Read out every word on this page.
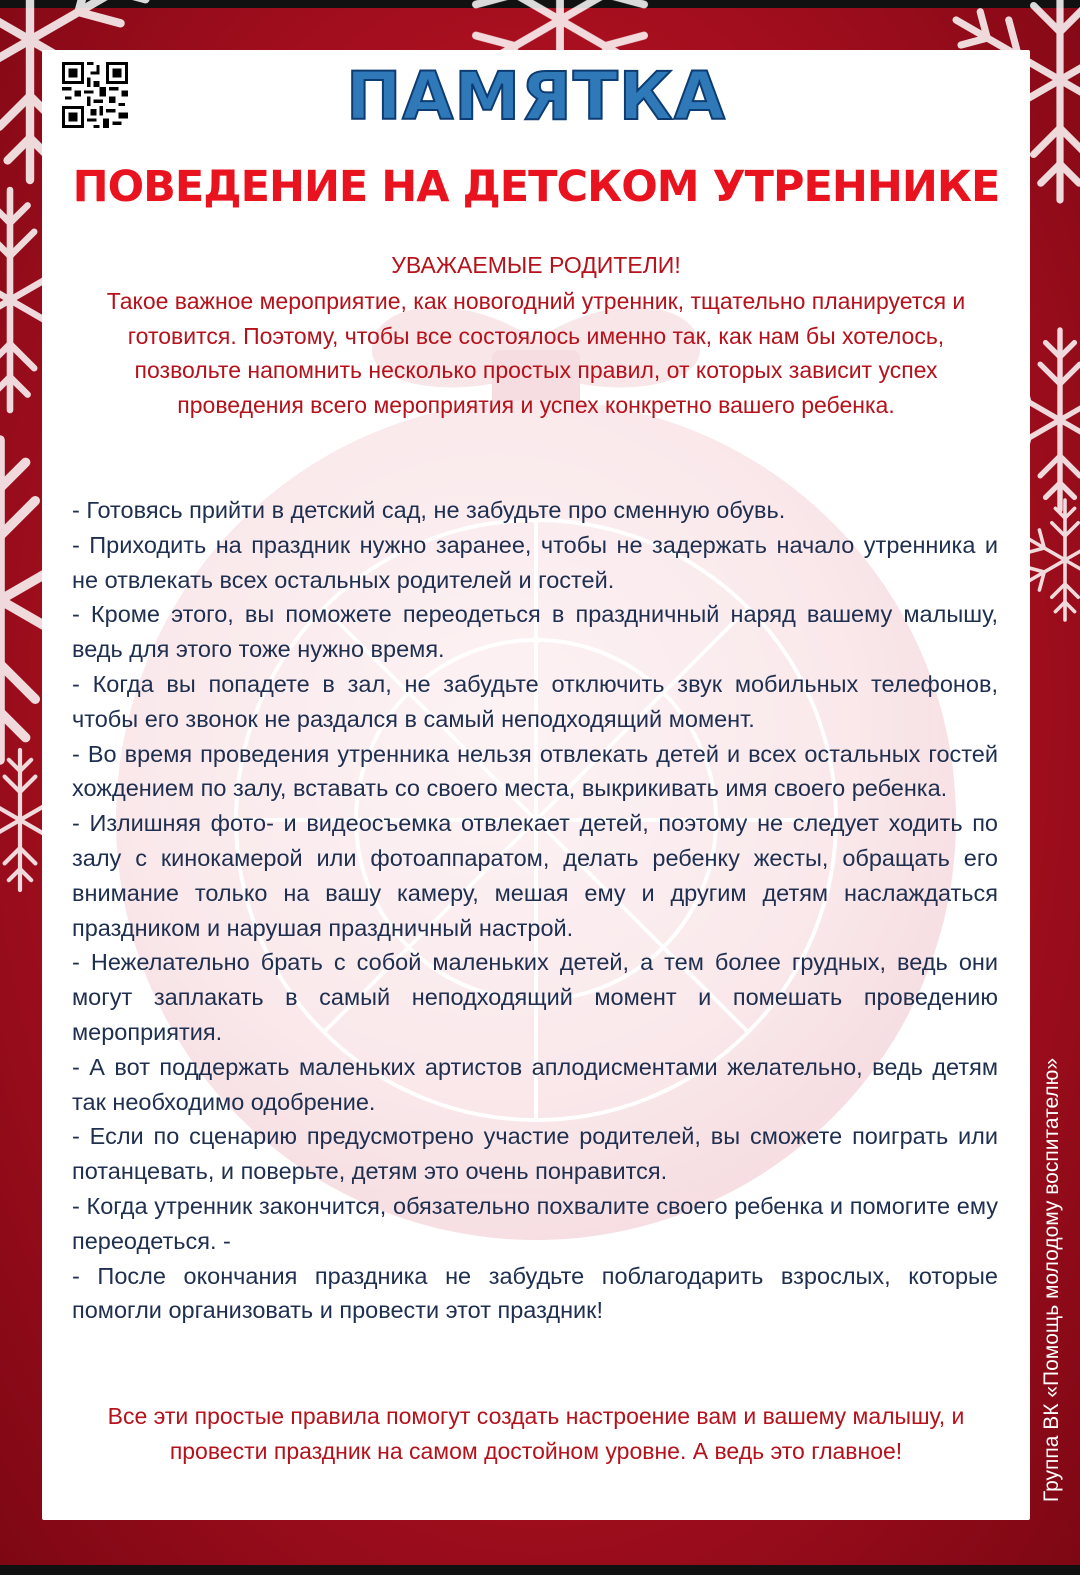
ПАМЯТКА
ПОВЕДЕНИЕ НА ДЕТСКОМ УТРЕННИКЕ
УВАЖАЕМЫЕ РОДИТЕЛИ!
Такое важное мероприятие, как новогодний утренник, тщательно планируется и готовится. Поэтому, чтобы все состоялось именно так, как нам бы хотелось, позвольте напомнить несколько простых правил, от которых зависит успех проведения всего мероприятия и успех конкретно вашего ребенка.

- Готовясь прийти в детский сад, не забудьте про сменную обувь.

- Приходить на праздник нужно заранее, чтобы не задержать начало утренника и не отвлекать всех остальных родителей и гостей.

- Кроме этого, вы поможете переодеться в праздничный наряд вашему малышу, ведь для этого тоже нужно время.

- Когда вы попадете в зал, не забудьте отключить звук мобильных телефонов, чтобы его звонок не раздался в самый неподходящий момент.

- Во время проведения утренника нельзя отвлекать детей и всех остальных гостей хождением по залу, вставать со своего места, выкрикивать имя своего ребенка.

- Излишняя фото- и видеосъемка отвлекает детей, поэтому не следует ходить по залу с кинокамерой или фотоаппаратом, делать ребенку жесты, обращать его внимание только на вашу камеру, мешая ему и другим детям наслаждаться праздником и нарушая праздничный настрой.

- Нежелательно брать с собой маленьких детей, а тем более грудных, ведь они могут заплакать в самый неподходящий момент и помешать проведению мероприятия.

- А вот поддержать маленьких артистов аплодисментами желательно, ведь детям так необходимо одобрение.

- Если по сценарию предусмотрено участие родителей, вы сможете поиграть или потанцевать, и поверьте, детям это очень понравится.

- Когда утренник закончится, обязательно похвалите своего ребенка и помогите ему переодеться. -

- После окончания праздника не забудьте поблагодарить взрослых, которые помогли организовать и провести этот праздник!

Все эти простые правила помогут создать настроение вам и вашему малышу, и провести праздник на самом достойном уровне. А ведь это главное!	Группа ВК «Помощь молодому воспитателю»
